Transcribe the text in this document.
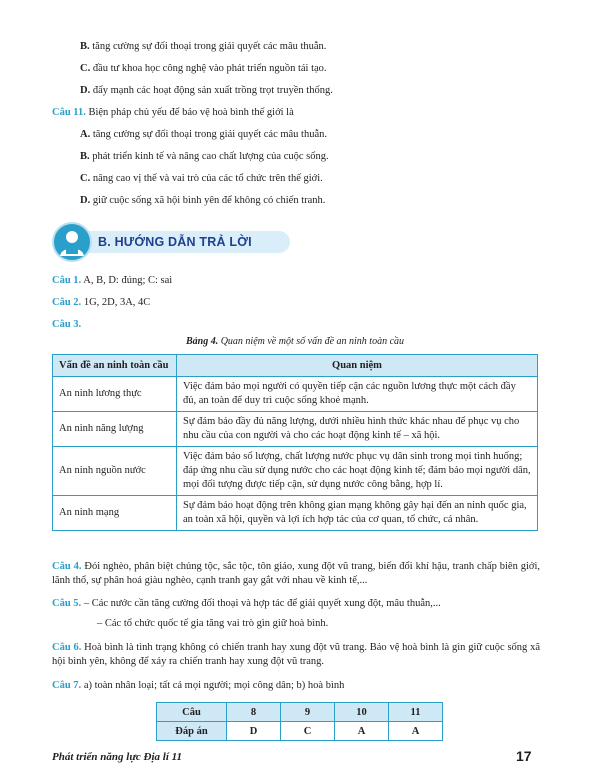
B. tăng cường sự đối thoại trong giải quyết các mâu thuẫn.
C. đầu tư khoa học công nghệ vào phát triển nguồn tái tạo.
D. đẩy mạnh các hoạt động sản xuất trồng trọt truyền thống.
Câu 11. Biện pháp chủ yếu để bảo vệ hoà bình thế giới là
A. tăng cường sự đối thoại trong giải quyết các mâu thuẫn.
B. phát triển kinh tế và nâng cao chất lượng của cuộc sống.
C. nâng cao vị thế và vai trò của các tổ chức trên thế giới.
D. giữ cuộc sống xã hội bình yên để không có chiến tranh.
B. HƯỚNG DẪN TRẢ LỜI
Câu 1. A, B, D: đúng; C: sai
Câu 2. 1G, 2D, 3A, 4C
Câu 3.
Bảng 4. Quan niệm về một số vấn đề an ninh toàn cầu
Vấn đề an ninh toàn cầu	Quan niệm
An ninh lương thực	Việc đảm bảo mọi người có quyền tiếp cận các nguồn lương thực một cách đầy đủ, an toàn để duy trì cuộc sống khoẻ mạnh.
An ninh năng lượng	Sự đảm bảo đầy đủ năng lượng, dưới nhiều hình thức khác nhau để phục vụ cho nhu cầu của con người và cho các hoạt động kinh tế – xã hội.
An ninh nguồn nước	Việc đảm bảo số lượng, chất lượng nước phục vụ dân sinh trong mọi tình huống; đáp ứng nhu cầu sử dụng nước cho các hoạt động kinh tế; đảm bảo mọi người dân, mọi đối tượng được tiếp cận, sử dụng nước công bằng, hợp lí.
An ninh mạng	Sự đảm bảo hoạt động trên không gian mạng không gây hại đến an ninh quốc gia, an toàn xã hội, quyền và lợi ích hợp tác của cơ quan, tổ chức, cá nhân.
Câu 4. Đói nghèo, phân biệt chủng tộc, sắc tộc, tôn giáo, xung đột vũ trang, biến đổi khí hậu, tranh chấp biên giới, lãnh thổ, sự phân hoá giàu nghèo, cạnh tranh gay gắt với nhau về kinh tế,...
Câu 5. – Các nước cần tăng cường đối thoại và hợp tác để giải quyết xung đột, mâu thuẫn,...
– Các tổ chức quốc tế gia tăng vai trò gìn giữ hoà bình.
Câu 6. Hoà bình là tình trạng không có chiến tranh hay xung đột vũ trang. Bảo vệ hoà bình là gìn giữ cuộc sống xã hội bình yên, không để xảy ra chiến tranh hay xung đột vũ trang.
Câu 7. a) toàn nhân loại; tất cả mọi người; mọi công dân; b) hoà bình
Câu	8	9	10	11
Đáp án	D	C	A	A
Phát triển năng lực Địa lí 11	17
